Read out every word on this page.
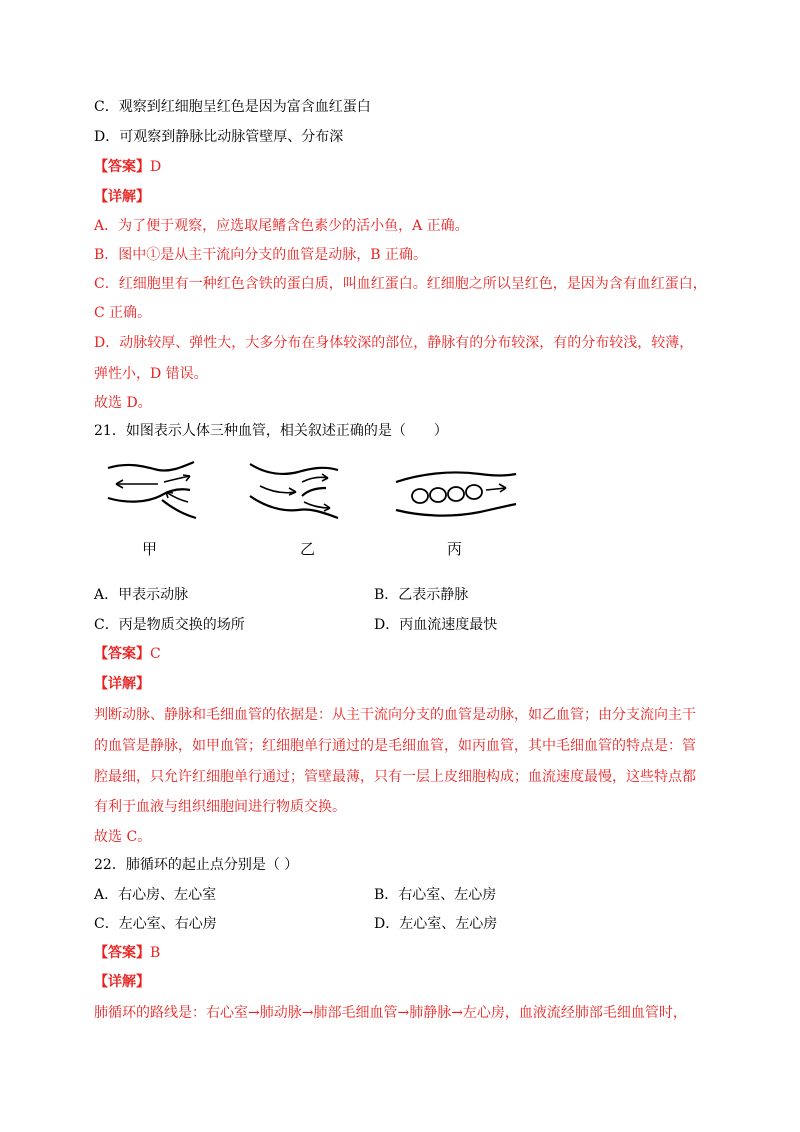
C．观察到红细胞呈红色是因为富含血红蛋白
D．可观察到静脉比动脉管壁厚、分布深
【答案】D
【详解】
A．为了便于观察，应选取尾鳍含色素少的活小鱼，A 正确。
B．图中①是从主干流向分支的血管是动脉，B 正确。
C．红细胞里有一种红色含铁的蛋白质，叫血红蛋白。红细胞之所以呈红色，是因为含有血红蛋白，
C 正确。
D．动脉较厚、弹性大，大多分布在身体较深的部位，静脉有的分布较深，有的分布较浅，较薄，
弹性小，D 错误。
故选 D。
21．如图表示人体三种血管，相关叙述正确的是（　　）
甲	乙	丙
A．甲表示动脉	B．乙表示静脉
C．丙是物质交换的场所	D．丙血流速度最快
【答案】C
【详解】
判断动脉、静脉和毛细血管的依据是：从主干流向分支的血管是动脉，如乙血管；由分支流向主干
的血管是静脉，如甲血管；红细胞单行通过的是毛细血管，如丙血管，其中毛细血管的特点是：管
腔最细，只允许红细胞单行通过；管壁最薄，只有一层上皮细胞构成；血流速度最慢，这些特点都
有利于血液与组织细胞间进行物质交换。
故选 C。
22．肺循环的起止点分别是（ ）
A．右心房、左心室	B．右心室、左心房
C．左心室、右心房	D．左心室、左心房
【答案】B
【详解】
肺循环的路线是：右心室→肺动脉→肺部毛细血管→肺静脉→左心房，血液流经肺部毛细血管时，
